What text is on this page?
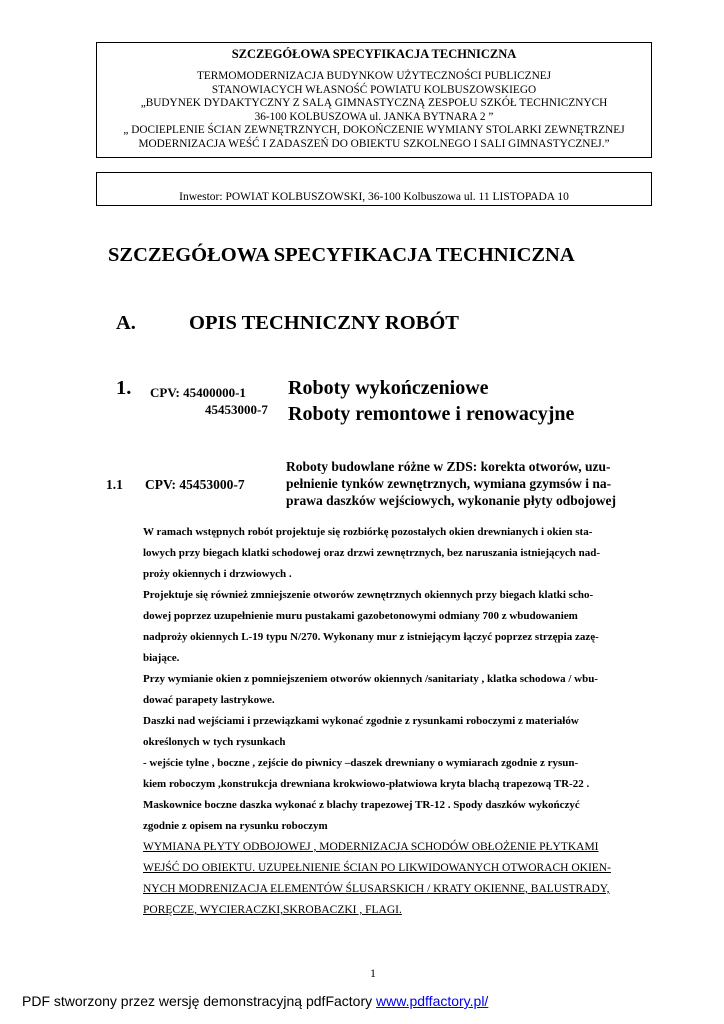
SZCZEGÓŁOWA SPECYFIKACJA TECHNICZNA
TERMOMODERNIZACJA BUDYNKOW UŻYTECZNOŚCI PUBLICZNEJ
STANOWIACYCH WŁASNOŚĆ POWIATU KOLBUSZOWSKIEGO
„BUDYNEK DYDAKTYCZNY Z SALĄ GIMNASTYCZNĄ ZESPOŁU SZKÓŁ TECHNICZNYCH
36-100 KOLBUSZOWA ul. JANKA BYTNARA 2 ”
„ DOCIEPLENIE ŚCIAN ZEWNĘTRZNYCH, DOKOŃCZENIE WYMIANY STOLARKI ZEWNĘTRZNEJ
MODERNIZACJA WEŚĆ I ZADASZEŃ DO OBIEKTU SZKOLNEGO I SALI GIMNASTYCZNEJ.”
Inwestor: POWIAT KOLBUSZOWSKI, 36-100 Kolbuszowa ul. 11 LISTOPADA 10
SZCZEGÓŁOWA SPECYFIKACJA TECHNICZNA
A.	OPIS TECHNICZNY ROBÓT
1. CPV: 45400000-1
45453000-7
Roboty wykończeniowe
Roboty remontowe i renowacyjne
1.1 CPV: 45453000-7
Roboty budowlane różne w ZDS: korekta otworów, uzu-
pełnienie tynków zewnętrznych, wymiana gzymsów i na-
prawa daszków wejściowych, wykonanie płyty odbojowej
W ramach wstępnych robót projektuje się rozbiórkę pozostałych okien drewnianych i okien sta-
lowych przy biegach klatki schodowej oraz drzwi zewnętrznych, bez naruszania istniejących nad-
proży okiennych i drzwiowych .
Projektuje się również zmniejszenie otworów zewnętrznych okiennych przy biegach klatki scho-
dowej poprzez uzupełnienie muru pustakami gazobetonowymi odmiany 700 z wbudowaniem
nadproży okiennych L-19 typu N/270. Wykonany mur z istniejącym łączyć poprzez strzępia zazę-
biające.
Przy wymianie okien z pomniejszeniem otworów okiennych /sanitariaty , klatka schodowa / wbu-
dować parapety lastrykowe.
Daszki nad wejściami i przewiązkami wykonać zgodnie z rysunkami roboczymi z materiałów
określonych w tych rysunkach
- wejście tylne , boczne , zejście do piwnicy –daszek drewniany o wymiarach zgodnie z rysun-
kiem roboczym ,konstrukcja drewniana krokwiowo-płatwiowa kryta blachą trapezową TR-22 .
Maskownice boczne daszka wykonać z blachy trapezowej TR-12 . Spody daszków wykończyć
zgodnie z opisem na rysunku roboczym
WYMIANA PŁYTY ODBOJOWEJ , MODERNIZACJA SCHODÓW OBŁOŻENIE PŁYTKAMI
WEJŚĆ DO OBIEKTU. UZUPEŁNIENIE ŚCIAN PO LIKWIDOWANYCH OTWORACH OKIEN-
NYCH MODRENIZACJA ELEMENTÓW ŚLUSARSKICH / KRATY OKIENNE, BALUSTRADY,
PORĘCZE, WYCIERACZKI,SKROBACZKI , FLAGI.
1
PDF stworzony przez wersję demonstracyjną pdfFactory www.pdffactory.pl/
